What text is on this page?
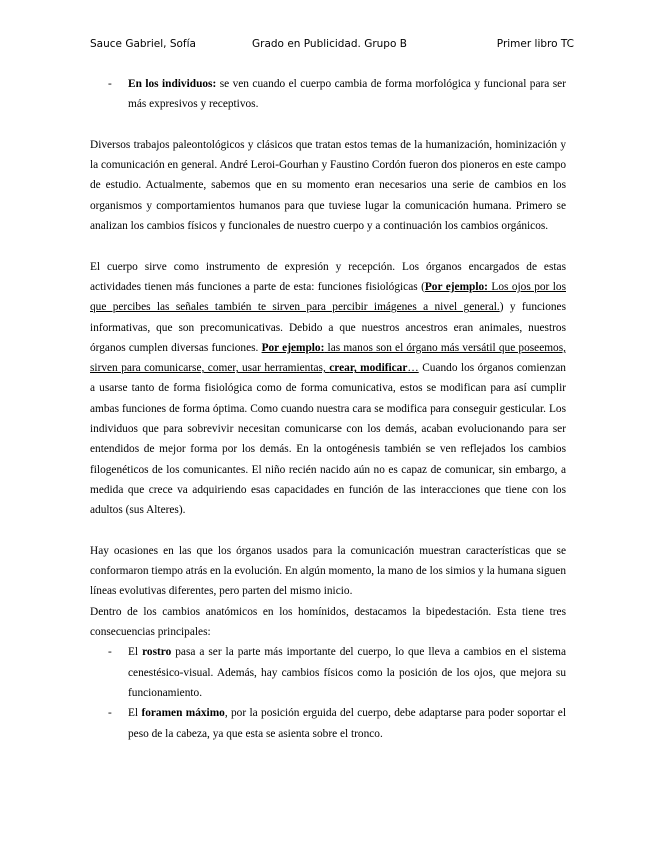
Sauce Gabriel, Sofía	Grado en Publicidad. Grupo B	Primer libro TC
- En los individuos: se ven cuando el cuerpo cambia de forma morfológica y funcional para ser más expresivos y receptivos.

Diversos trabajos paleontológicos y clásicos que tratan estos temas de la humanización, hominización y la comunicación en general. André Leroi-Gourhan y Faustino Cordón fueron dos pioneros en este campo de estudio. Actualmente, sabemos que en su momento eran necesarios una serie de cambios en los organismos y comportamientos humanos para que tuviese lugar la comunicación humana. Primero se analizan los cambios físicos y funcionales de nuestro cuerpo y a continuación los cambios orgánicos.

El cuerpo sirve como instrumento de expresión y recepción. Los órganos encargados de estas actividades tienen más funciones a parte de esta: funciones fisiológicas (Por ejemplo: Los ojos por los que percibes las señales también te sirven para percibir imágenes a nivel general.) y funciones informativas, que son precomunicativas. Debido a que nuestros ancestros eran animales, nuestros órganos cumplen diversas funciones. Por ejemplo: las manos son el órgano más versátil que poseemos, sirven para comunicarse, comer, usar herramientas, crear, modificar… Cuando los órganos comienzan a usarse tanto de forma fisiológica como de forma comunicativa, estos se modifican para así cumplir ambas funciones de forma óptima. Como cuando nuestra cara se modifica para conseguir gesticular. Los individuos que para sobrevivir necesitan comunicarse con los demás, acaban evolucionando para ser entendidos de mejor forma por los demás. En la ontogénesis también se ven reflejados los cambios filogenéticos de los comunicantes. El niño recién nacido aún no es capaz de comunicar, sin embargo, a medida que crece va adquiriendo esas capacidades en función de las interacciones que tiene con los adultos (sus Alteres).

Hay ocasiones en las que los órganos usados para la comunicación muestran características que se conformaron tiempo atrás en la evolución. En algún momento, la mano de los simios y la humana siguen líneas evolutivas diferentes, pero parten del mismo inicio.

Dentro de los cambios anatómicos en los homínidos, destacamos la bipedestación. Esta tiene tres consecuencias principales:

- El rostro pasa a ser la parte más importante del cuerpo, lo que lleva a cambios en el sistema cenestésico-visual. Además, hay cambios físicos como la posición de los ojos, que mejora su funcionamiento.
- El foramen máximo, por la posición erguida del cuerpo, debe adaptarse para poder soportar el peso de la cabeza, ya que esta se asienta sobre el tronco.
